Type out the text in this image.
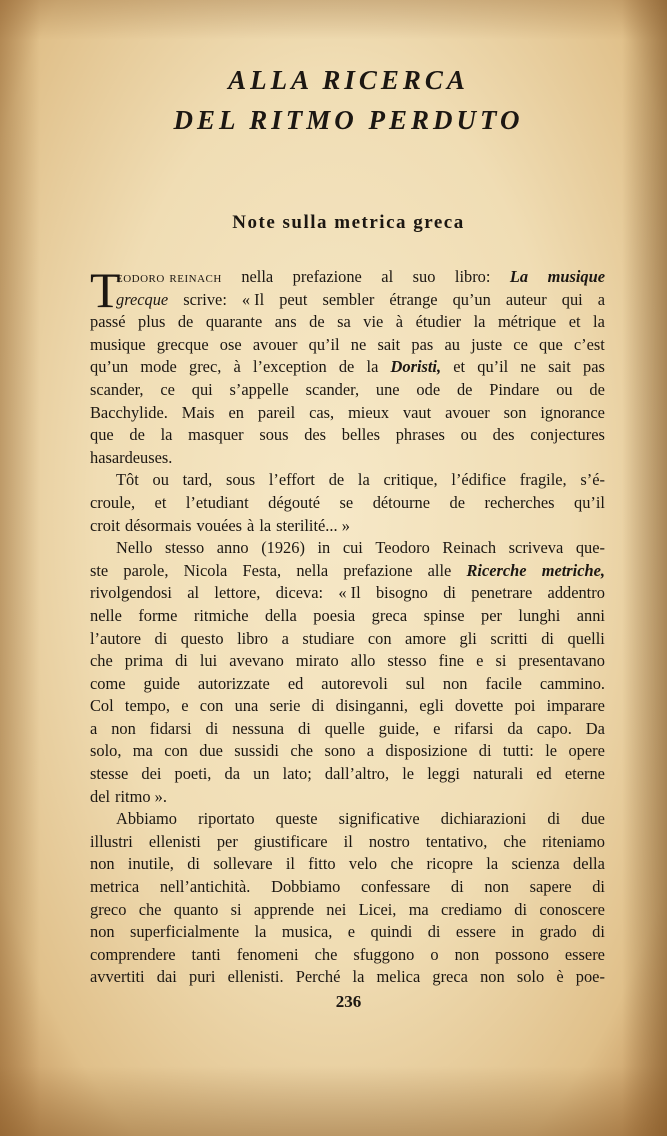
ALLA RICERCA
DEL RITMO PERDUTO
Note sulla metrica greca
T
eodoro reinach nella prefazione al suo libro: La musique
grecque scrive: « Il peut sembler étrange qu’un auteur qui a
passé plus de quarante ans de sa vie à étudier la métrique et la
musique grecque ose avouer qu’il ne sait pas au juste ce que c’est
qu’un mode grec, à l’exception de la Doristi, et qu’il ne sait pas
scander, ce qui s’appelle scander, une ode de Pindare ou de
Bacchylide. Mais en pareil cas, mieux vaut avouer son ignorance
que de la masquer sous des belles phrases ou des conjectures
hasardeuses.
Tôt ou tard, sous l’effort de la critique, l’édifice fragile, s’é-
croule, et l’etudiant dégouté se détourne de recherches qu’il
croit désormais vouées à la sterilité... »
Nello stesso anno (1926) in cui Teodoro Reinach scriveva que-
ste parole, Nicola Festa, nella prefazione alle Ricerche metriche,
rivolgendosi al lettore, diceva: « Il bisogno di penetrare addentro
nelle forme ritmiche della poesia greca spinse per lunghi anni
l’autore di questo libro a studiare con amore gli scritti di quelli
che prima di lui avevano mirato allo stesso fine e si presentavano
come guide autorizzate ed autorevoli sul non facile cammino.
Col tempo, e con una serie di disinganni, egli dovette poi imparare
a non fidarsi di nessuna di quelle guide, e rifarsi da capo. Da
solo, ma con due sussidi che sono a disposizione di tutti: le opere
stesse dei poeti, da un lato; dall’altro, le leggi naturali ed eterne
del ritmo ».
Abbiamo riportato queste significative dichiarazioni di due
illustri ellenisti per giustificare il nostro tentativo, che riteniamo
non inutile, di sollevare il fitto velo che ricopre la scienza della
metrica nell’antichità. Dobbiamo confessare di non sapere di
greco che quanto si apprende nei Licei, ma crediamo di conoscere
non superficialmente la musica, e quindi di essere in grado di
comprendere tanti fenomeni che sfuggono o non possono essere
avvertiti dai puri ellenisti. Perché la melica greca non solo è poe-

236
